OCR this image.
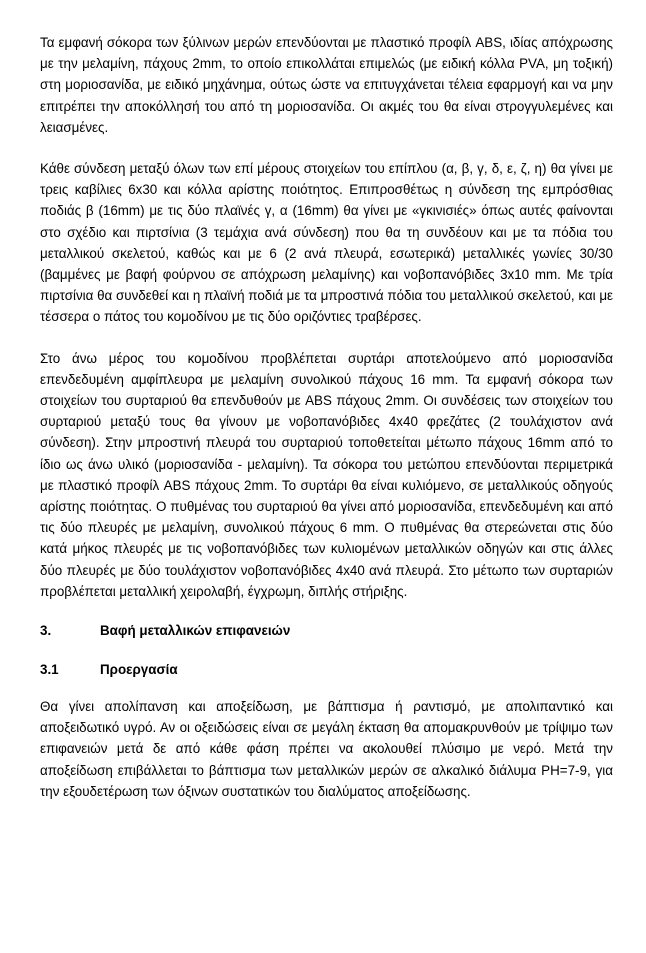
Τα εμφανή σόκορα των ξύλινων μερών επενδύονται με πλαστικό προφίλ ABS, ιδίας απόχρωσης με την μελαμίνη, πάχους 2mm, το οποίο επικολλάται επιμελώς (με ειδική κόλλα PVA, μη τοξική) στη μοριοσανίδα, με ειδικό μηχάνημα, ούτως ώστε να επιτυγχάνεται τέλεια εφαρμογή και να μην επιτρέπει την αποκόλλησή του από τη μοριοσανίδα. Οι ακμές του θα είναι στρογγυλεμένες και λειασμένες.

Κάθε σύνδεση μεταξύ όλων των επί μέρους στοιχείων του επίπλου (α, β, γ, δ, ε, ζ, η) θα γίνει με τρεις καβίλιες 6x30 και κόλλα αρίστης ποιότητος. Επιπροσθέτως η σύνδεση της εμπρόσθιας ποδιάς β (16mm) με τις δύο πλαϊνές γ, α (16mm) θα γίνει με «γκινισιές» όπως αυτές φαίνονται στο σχέδιο και πιρτσίνια (3 τεμάχια ανά σύνδεση) που θα τη συνδέουν και με τα πόδια του μεταλλικού σκελετού, καθώς και με 6 (2 ανά πλευρά, εσωτερικά) μεταλλικές γωνίες 30/30 (βαμμένες με βαφή φούρνου σε απόχρωση μελαμίνης) και νοβοπανόβιδες 3x10 mm. Με τρία πιρτσίνια θα συνδεθεί και η πλαϊνή ποδιά με τα μπροστινά πόδια του μεταλλικού σκελετού, και με τέσσερα ο πάτος του κομοδίνου με τις δύο οριζόντιες τραβέρσες.

Στο άνω μέρος του κομοδίνου προβλέπεται συρτάρι αποτελούμενο από μοριοσανίδα επενδεδυμένη αμφίπλευρα με μελαμίνη συνολικού πάχους 16 mm. Τα εμφανή σόκορα των στοιχείων του συρταριού θα επενδυθούν με ABS πάχους 2mm. Οι συνδέσεις των στοιχείων του συρταριού μεταξύ τους θα γίνουν με νοβοπανόβιδες 4x40 φρεζάτες (2 τουλάχιστον ανά σύνδεση). Στην μπροστινή πλευρά του συρταριού τοποθετείται μέτωπο πάχους 16mm από το ίδιο ως άνω υλικό (μοριοσανίδα - μελαμίνη). Τα σόκορα του μετώπου επενδύονται περιμετρικά με πλαστικό προφίλ ABS πάχους 2mm. Το συρτάρι θα είναι κυλιόμενο, σε μεταλλικούς οδηγούς αρίστης ποιότητας. Ο πυθμένας του συρταριού θα γίνει από μοριοσανίδα, επενδεδυμένη και από τις δύο πλευρές με μελαμίνη, συνολικού πάχους 6 mm. Ο πυθμένας θα στερεώνεται στις δύο κατά μήκος πλευρές με τις νοβοπανόβιδες των κυλιομένων μεταλλικών οδηγών και στις άλλες δύο πλευρές με δύο τουλάχιστον νοβοπανόβιδες 4x40 ανά πλευρά. Στο μέτωπο των συρταριών προβλέπεται μεταλλική χειρολαβή, έγχρωμη, διπλής στήριξης.

3.	Βαφή μεταλλικών επιφανειών
3.1	Προεργασία

Θα γίνει απολίπανση και αποξείδωση, με βάπτισμα ή ραντισμό, με απολιπαντικό και αποξειδωτικό υγρό. Αν οι οξειδώσεις είναι σε μεγάλη έκταση θα απομακρυνθούν με τρίψιμο των επιφανειών μετά δε από κάθε φάση πρέπει να ακολουθεί πλύσιμο με νερό. Μετά την αποξείδωση επιβάλλεται το βάπτισμα των μεταλλικών μερών σε αλκαλικό διάλυμα PH=7-9, για την εξουδετέρωση των όξινων συστατικών του διαλύματος αποξείδωσης.
